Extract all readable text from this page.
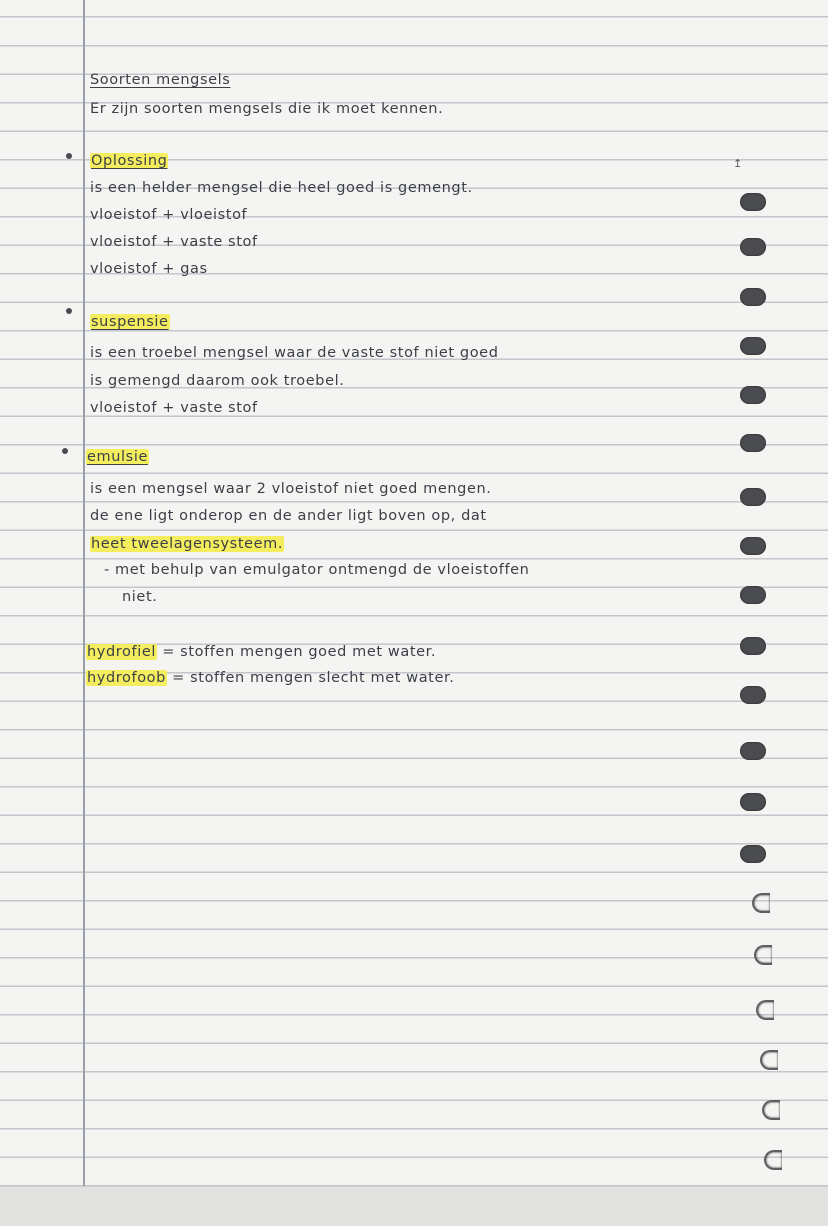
Soorten mengsels
Er zijn soorten mengsels die ik moet kennen.
Oplossing
is een helder mengsel die heel goed is gemengt.
vloeistof + vloeistof
vloeistof + vaste stof
vloeistof + gas
suspensie
is een troebel mengsel waar de vaste stof niet goed
is gemengd daarom ook troebel.
vloeistof + vaste stof
emulsie
is een mengsel waar 2 vloeistof niet goed mengen.
de ene ligt onderop en de ander ligt boven op, dat
heet tweelagensysteem.
- met behulp van emulgator ontmengd de vloeistoffen
niet.
hydrofiel = stoffen mengen goed met water.
hydrofoob = stoffen mengen slecht met water.
↥
